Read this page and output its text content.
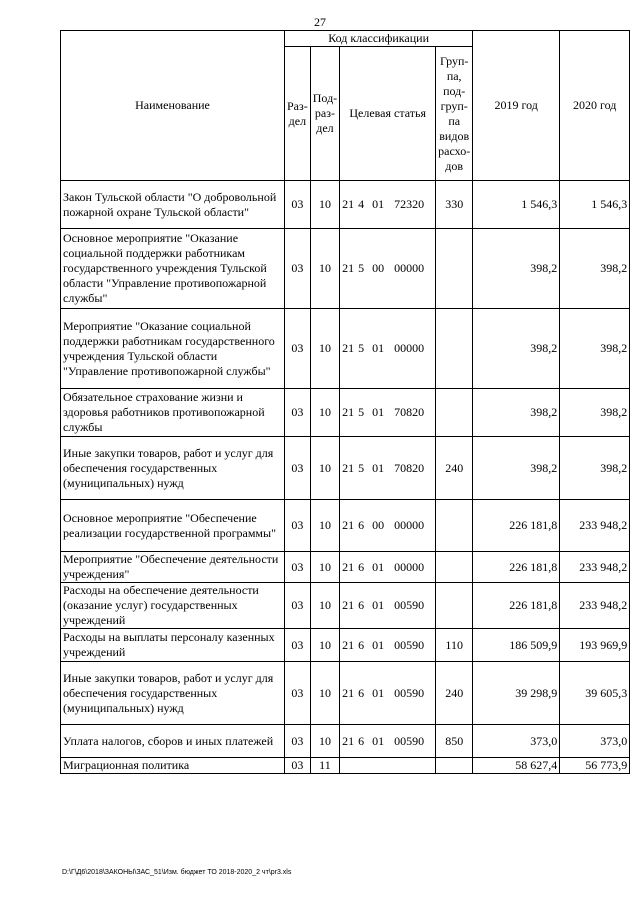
27
Наименование	Код классификации				2019 год	2020 год
	Раз-дел	Под-раз-дел	Целевая статья	Груп-па, под-груп-па видов расхо-дов		
Закон Тульской области "О добровольной пожарной охране Тульской области"	03	10	21 4 01 72320	330	1 546,3	1 546,3
Основное мероприятие "Оказание социальной поддержки работникам государственного учреждения Тульской области "Управление противопожарной службы"	03	10	21 5 00 00000		398,2	398,2
Мероприятие "Оказание социальной поддержки работникам государственного учреждения Тульской области "Управление противопожарной службы"	03	10	21 5 01 00000		398,2	398,2
Обязательное страхование жизни и здоровья работников противопожарной службы	03	10	21 5 01 70820		398,2	398,2
Иные закупки товаров, работ и услуг для обеспечения государственных (муниципальных) нужд	03	10	21 5 01 70820	240	398,2	398,2
Основное мероприятие "Обеспечение реализации государственной программы"	03	10	21 6 00 00000		226 181,8	233 948,2
Мероприятие "Обеспечение деятельности учреждения"	03	10	21 6 01 00000		226 181,8	233 948,2
Расходы на обеспечение деятельности (оказание услуг) государственных учреждений	03	10	21 6 01 00590		226 181,8	233 948,2
Расходы на выплаты персоналу казенных учреждений	03	10	21 6 01 00590	110	186 509,9	193 969,9
Иные закупки товаров, работ и услуг для обеспечения государственных (муниципальных) нужд	03	10	21 6 01 00590	240	39 298,9	39 605,3
Уплата налогов, сборов и иных платежей	03	10	21 6 01 00590	850	373,0	373,0
Миграционная политика	03	11			58 627,4	56 773,9
D:\Г\Д6\2018\ЗАКОНЫ\ЗАС_51\Изм. бюджет ТО 2018-2020_2 чт\pr3.xls
